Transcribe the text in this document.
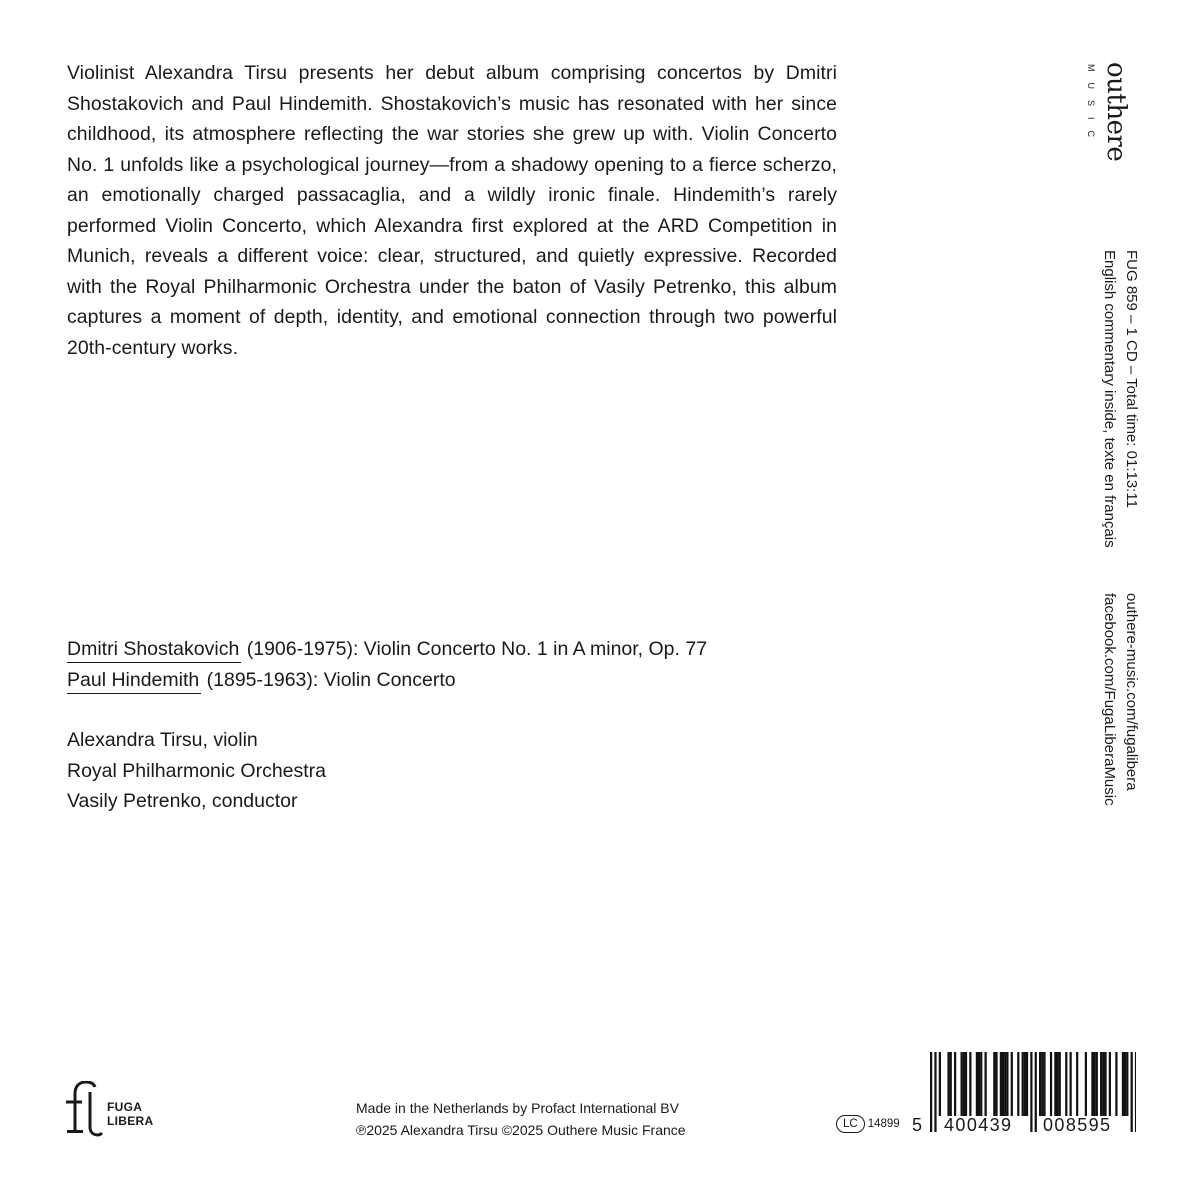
Violinist Alexandra Tirsu presents her debut album comprising concertos by Dmitri Shostakovich and Paul Hindemith. Shostakovich’s music has resonated with her since childhood, its atmosphere reflecting the war stories she grew up with. Violin Concerto No. 1 unfolds like a psychological journey—from a shadowy opening to a fierce scherzo, an emotionally charged passacaglia, and a wildly ironic finale. Hindemith’s rarely performed Violin Concerto, which Alexandra first explored at the ARD Competition in Munich, reveals a different voice: clear, structured, and quietly expressive. Recorded with the Royal Philharmonic Orchestra under the baton of Vasily Petrenko, this album captures a moment of depth, identity, and emotional connection through two powerful 20th-century works.

outhere
MUSIC
FUG 859 – 1 CD – Total time: 01:13:11
English commentary inside, texte en français
outhere-music.com/fugalibera
facebook.com/FugaLiberaMusic
Dmitri Shostakovich (1906-1975): Violin Concerto No. 1 in A minor, Op. 77
Paul Hindemith (1895-1963): Violin Concerto
Alexandra Tirsu, violin
Royal Philharmonic Orchestra
Vasily Petrenko, conductor
FUGA
LIBERA
Made in the Netherlands by Profact International BV
℗2025 Alexandra Tirsu ©2025 Outhere Music France	LC 14899 5 400439 008595
